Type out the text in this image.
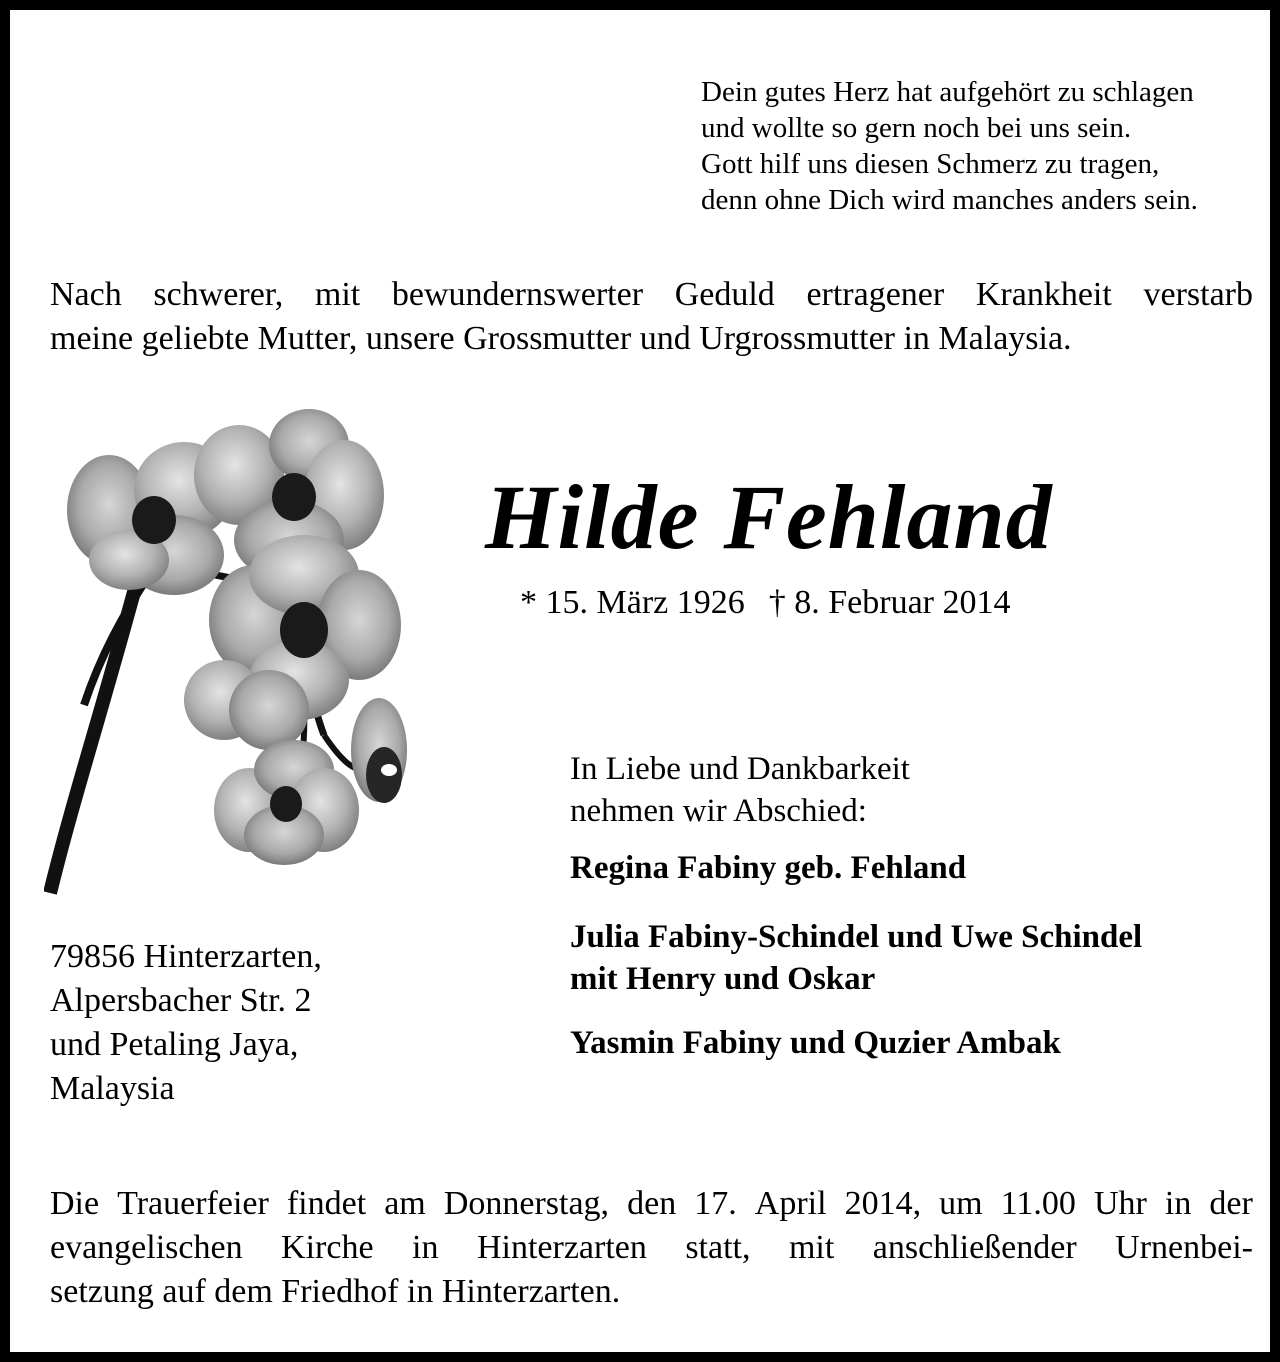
Dein gutes Herz hat aufgehört zu schlagen
und wollte so gern noch bei uns sein.
Gott hilf uns diesen Schmerz zu tragen,
denn ohne Dich wird manches anders sein.
Nach schwerer, mit bewundernswerter Geduld ertragener Krankheit verstarb
meine geliebte Mutter, unsere Grossmutter und Urgrossmutter in Malaysia.
Hilde Fehland
* 15. März 1926 † 8. Februar 2014
In Liebe und Dankbarkeit
nehmen wir Abschied:
Regina Fabiny geb. Fehland
Julia Fabiny-Schindel und Uwe Schindel
mit Henry und Oskar
Yasmin Fabiny und Quzier Ambak
79856 Hinterzarten,
Alpersbacher Str. 2
und Petaling Jaya,
Malaysia
Die Trauerfeier findet am Donnerstag, den 17. April 2014, um 11.00 Uhr in der
evangelischen Kirche in Hinterzarten statt, mit anschließender Urnenbei-
setzung auf dem Friedhof in Hinterzarten.
